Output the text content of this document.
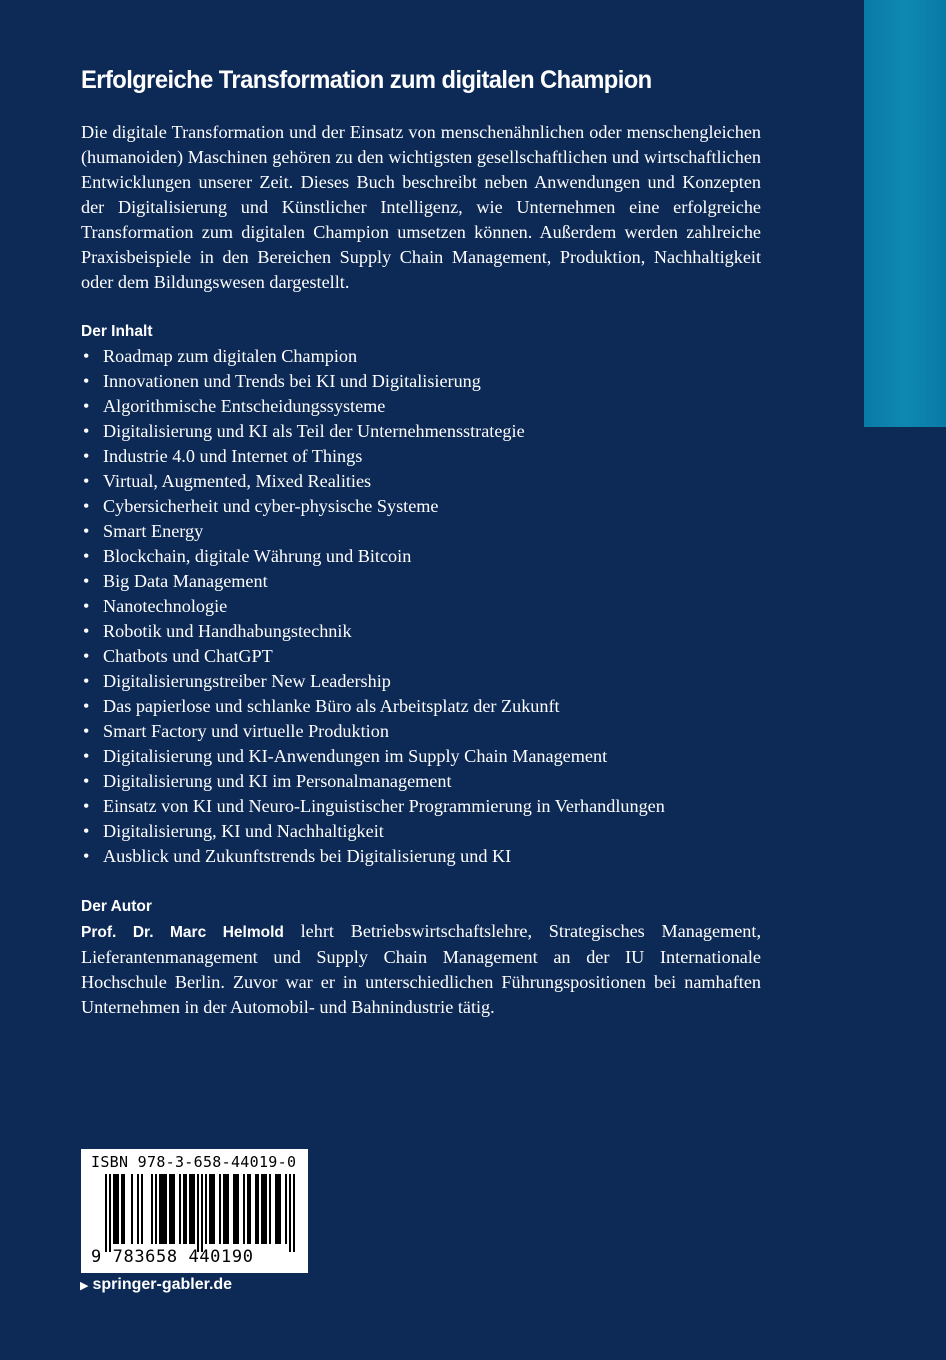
Erfolgreiche Transformation zum digitalen Champion

Die digitale Transformation und der Einsatz von menschenähnlichen oder menschengleichen (humanoiden) Maschinen gehören zu den wichtigsten gesellschaftlichen und wirtschaftlichen Entwicklungen unserer Zeit. Dieses Buch beschreibt neben Anwendungen und Konzepten der Digitalisierung und Künstlicher Intelligenz, wie Unternehmen eine erfolgreiche Transformation zum digitalen Champion umsetzen können. Außerdem werden zahlreiche Praxisbeispiele in den Bereichen Supply Chain Management, Produktion, Nachhaltigkeit oder dem Bildungswesen dargestellt.

Der Inhalt
• Roadmap zum digitalen Champion
• Innovationen und Trends bei KI und Digitalisierung
• Algorithmische Entscheidungssysteme
• Digitalisierung und KI als Teil der Unternehmensstrategie
• Industrie 4.0 und Internet of Things
• Virtual, Augmented, Mixed Realities
• Cybersicherheit und cyber-physische Systeme
• Smart Energy
• Blockchain, digitale Währung und Bitcoin
• Big Data Management
• Nanotechnologie
• Robotik und Handhabungstechnik
• Chatbots und ChatGPT
• Digitalisierungstreiber New Leadership
• Das papierlose und schlanke Büro als Arbeitsplatz der Zukunft
• Smart Factory und virtuelle Produktion
• Digitalisierung und KI-Anwendungen im Supply Chain Management
• Digitalisierung und KI im Personalmanagement
• Einsatz von KI und Neuro-Linguistischer Programmierung in Verhandlungen
• Digitalisierung, KI und Nachhaltigkeit
• Ausblick und Zukunftstrends bei Digitalisierung und KI
Der Autor

Prof. Dr. Marc Helmold lehrt Betriebswirtschaftslehre, Strategisches Management, Lieferantenmanagement und Supply Chain Management an der IU Internationale Hochschule Berlin. Zuvor war er in unterschiedlichen Führungspositionen bei namhaften Unternehmen in der Automobil- und Bahnindustrie tätig.

ISBN 978-3-658-44019-0
9 783658 440190
▶ springer-gabler.de
